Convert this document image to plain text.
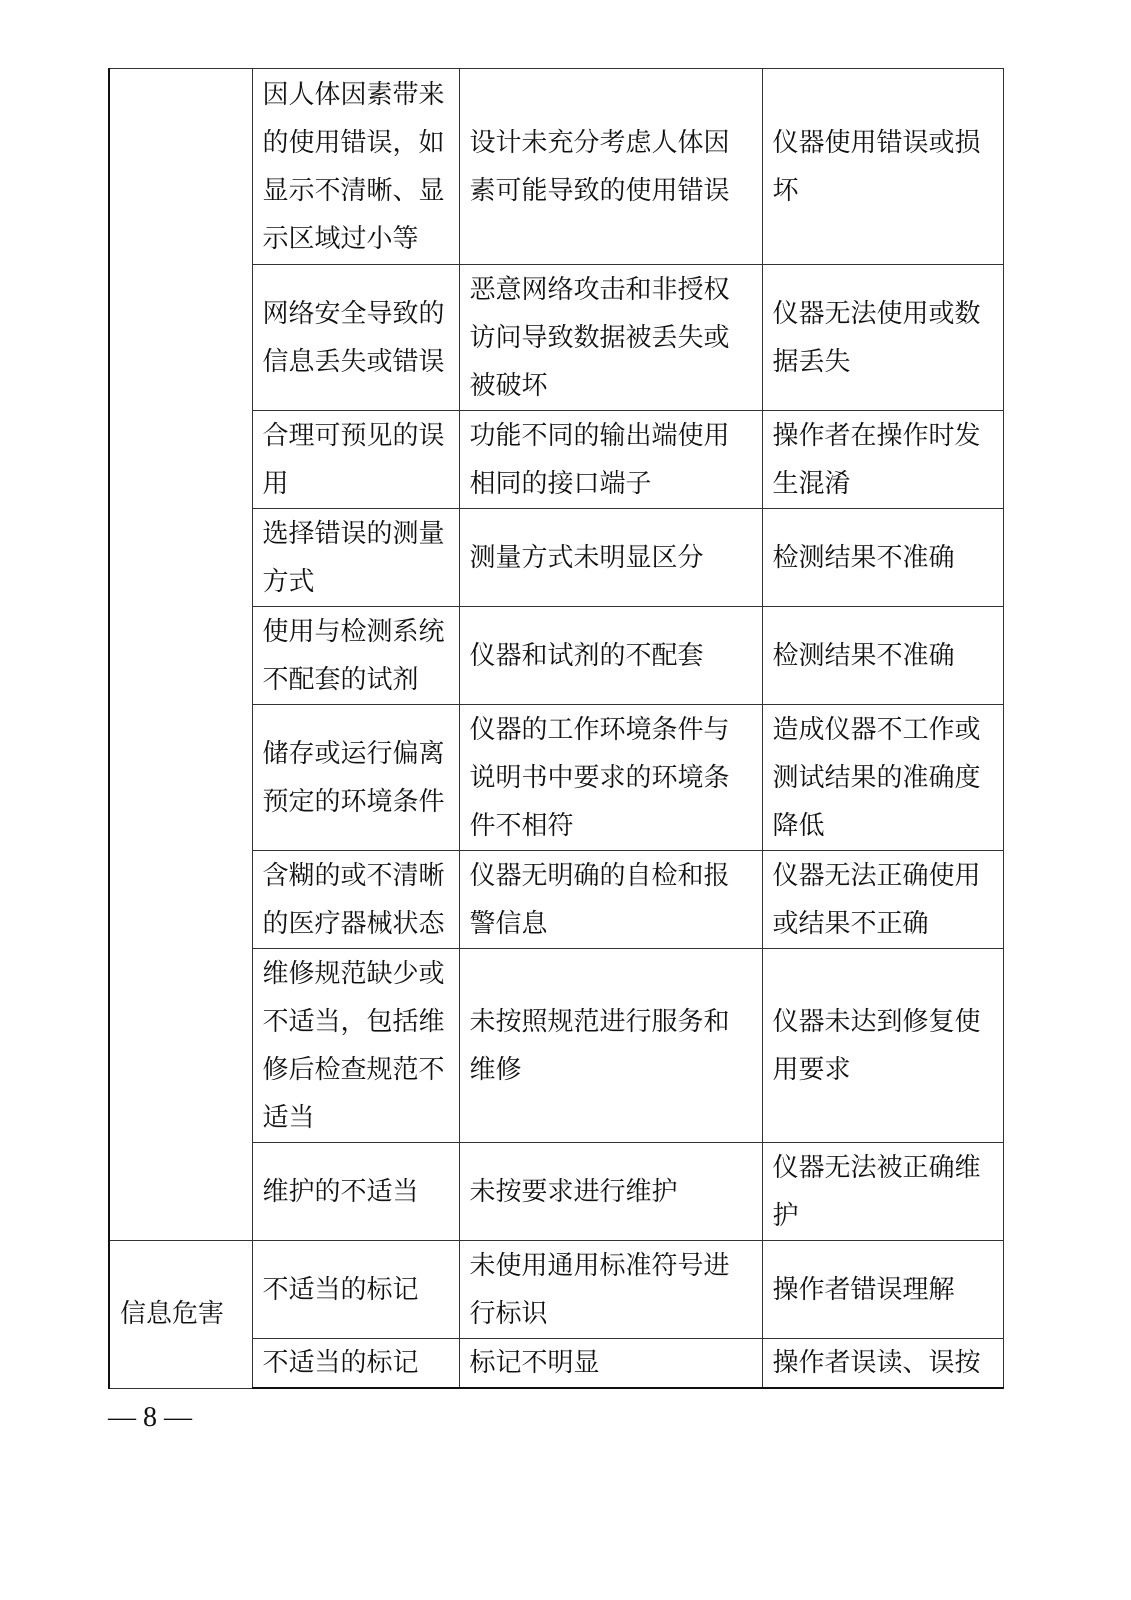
	因人体因素带来的使用错误，如显示不清晰、显示区域过小等	设计未充分考虑人体因素可能导致的使用错误	仪器使用错误或损坏
	网络安全导致的信息丢失或错误	恶意网络攻击和非授权访问导致数据被丢失或被破坏	仪器无法使用或数据丢失
	合理可预见的误用	功能不同的输出端使用相同的接口端子	操作者在操作时发生混淆
	选择错误的测量方式	测量方式未明显区分	检测结果不准确
	使用与检测系统不配套的试剂	仪器和试剂的不配套	检测结果不准确
	储存或运行偏离预定的环境条件	仪器的工作环境条件与说明书中要求的环境条件不相符	造成仪器不工作或测试结果的准确度降低
	含糊的或不清晰的医疗器械状态	仪器无明确的自检和报警信息	仪器无法正确使用或结果不正确
	维修规范缺少或不适当，包括维修后检查规范不适当	未按照规范进行服务和维修	仪器未达到修复使用要求
	维护的不适当	未按要求进行维护	仪器无法被正确维护
信息危害	不适当的标记	未使用通用标准符号进行标识	操作者错误理解
	不适当的标记	标记不明显	操作者误读、误按
— 8 —
